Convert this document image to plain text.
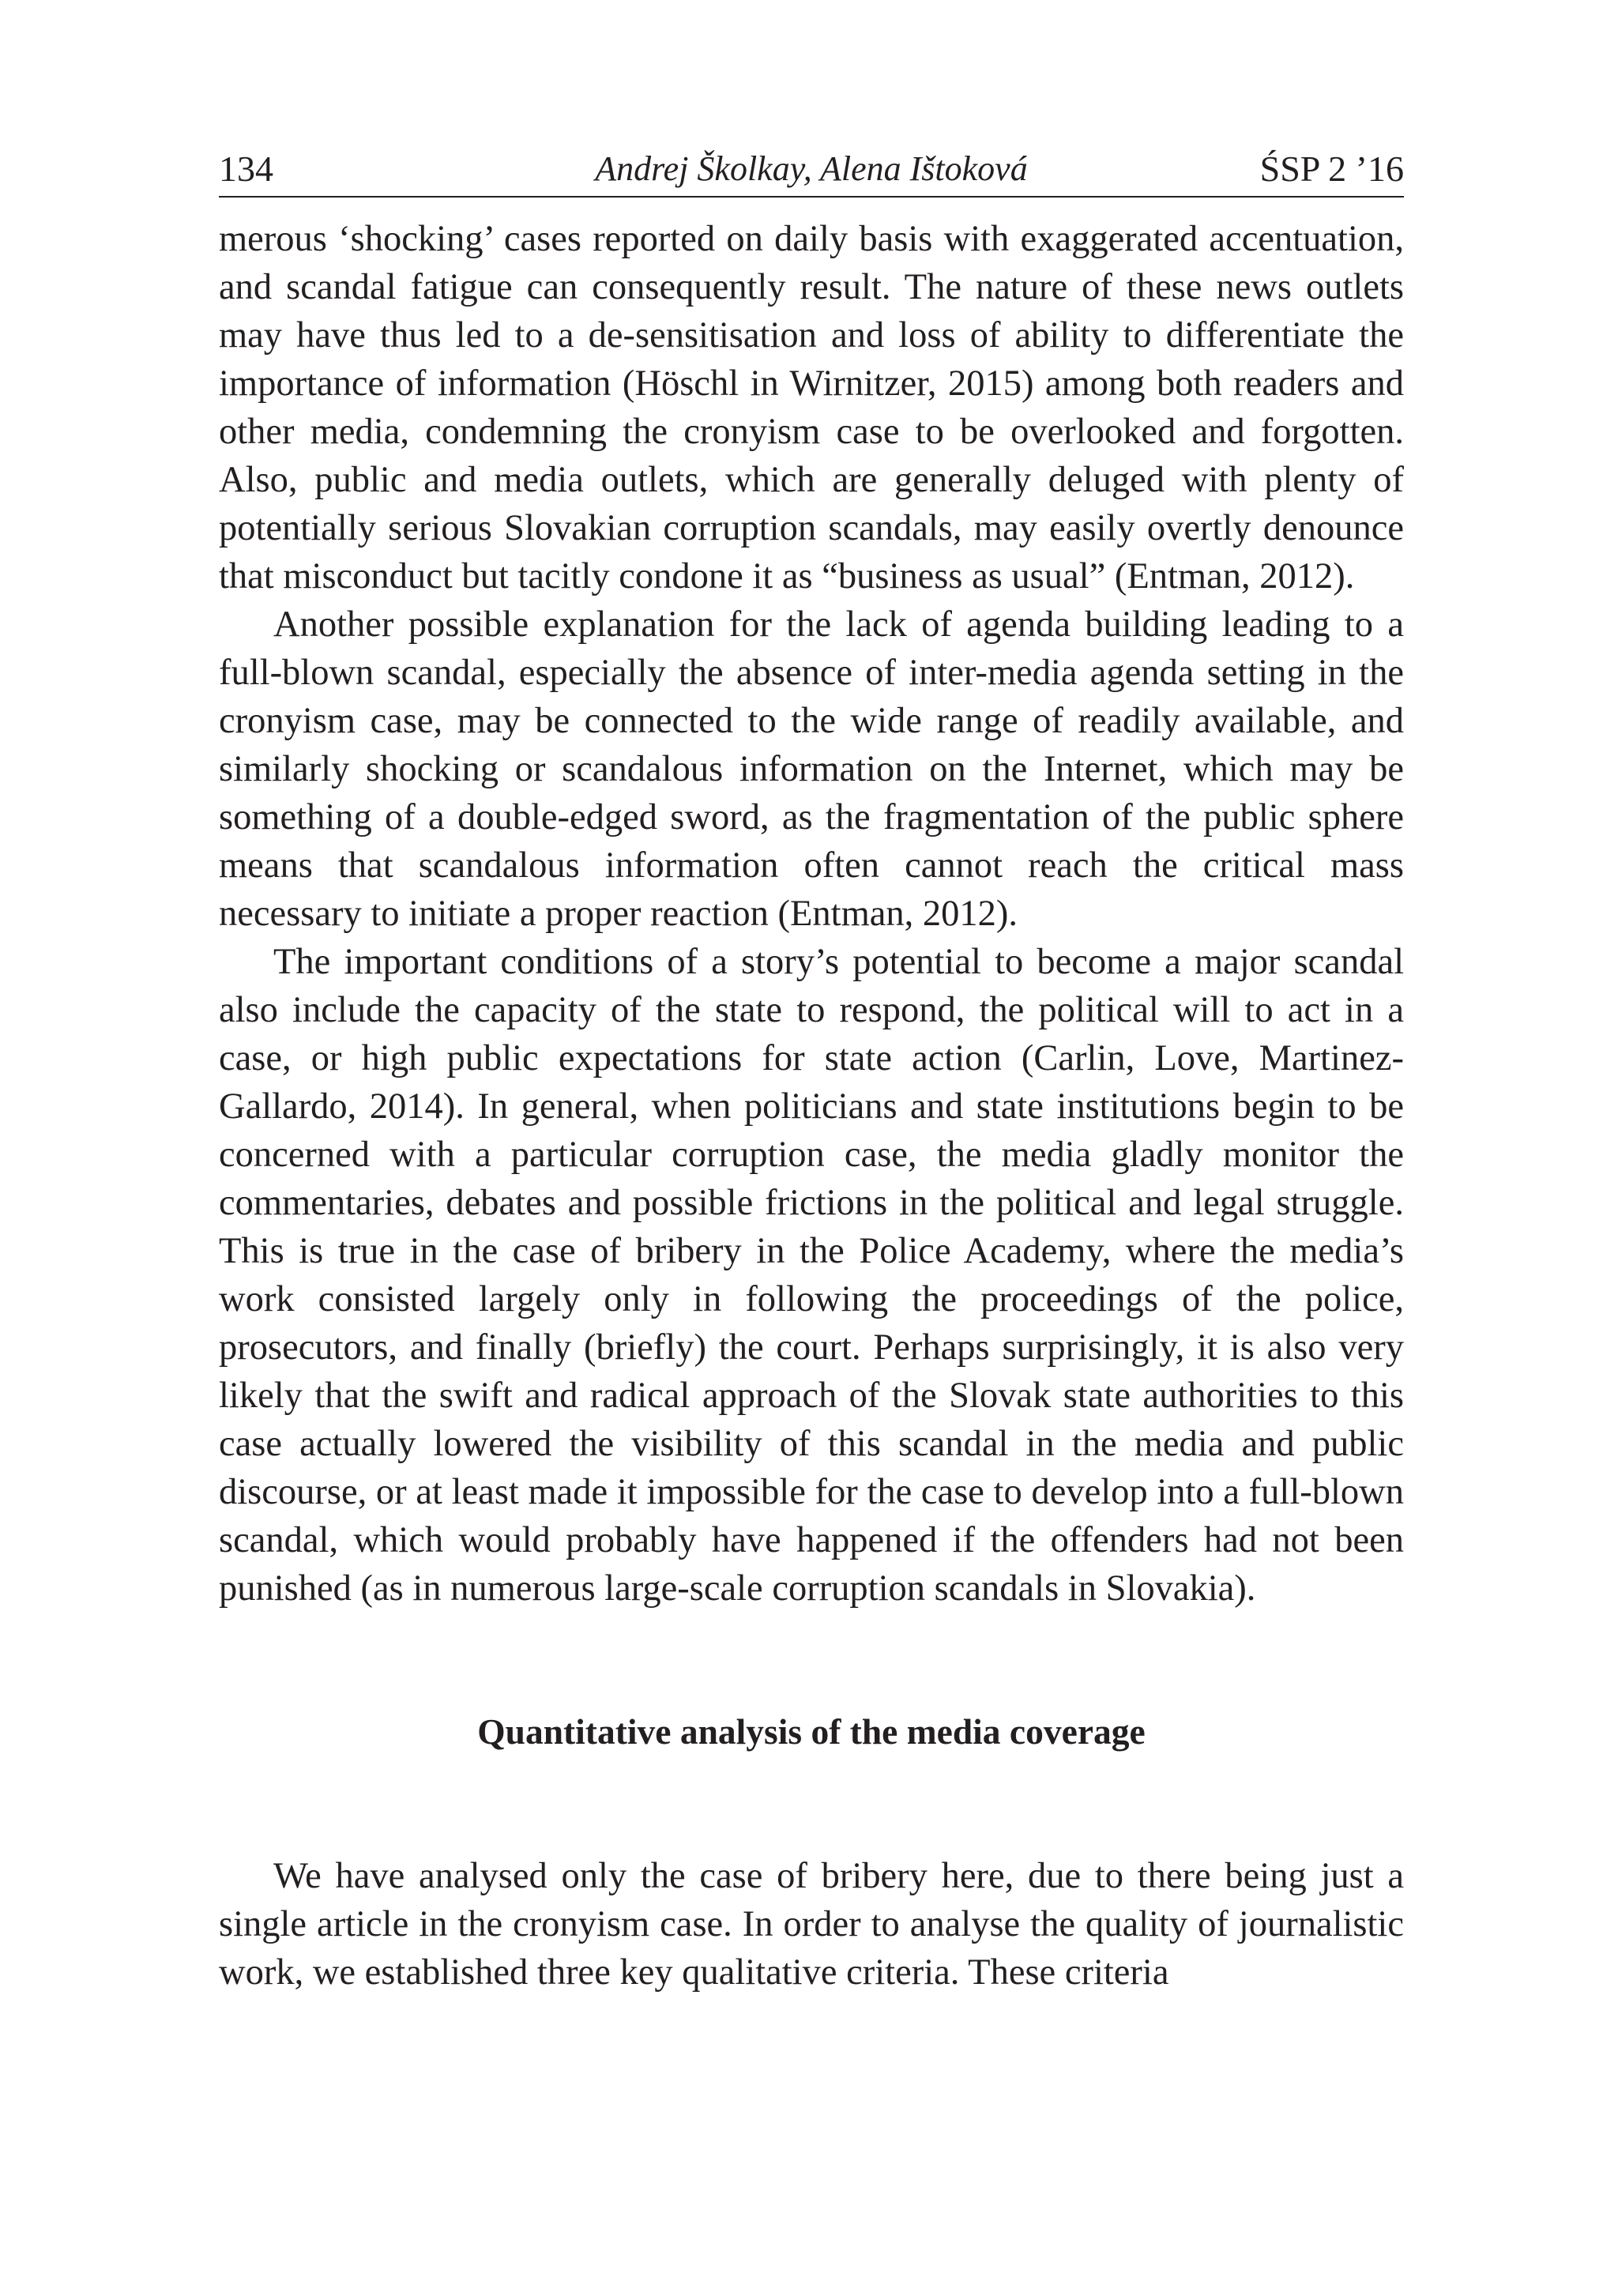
134	Andrej Školkay, Alena Ištoková	ŚSP 2 ’16

merous ‘shocking’ cases reported on daily basis with exaggerated accentuation, and scandal fatigue can consequently result. The nature of these news outlets may have thus led to a de-sensitisation and loss of ability to differentiate the importance of information (Höschl in Wirnitzer, 2015) among both readers and other media, condemning the cronyism case to be overlooked and forgotten. Also, public and media outlets, which are generally deluged with plenty of potentially serious Slovakian corruption scandals, may easily overtly denounce that misconduct but tacitly condone it as “business as usual” (Entman, 2012).

Another possible explanation for the lack of agenda building leading to a full-blown scandal, especially the absence of inter-media agenda setting in the cronyism case, may be connected to the wide range of readily available, and similarly shocking or scandalous information on the Internet, which may be something of a double-edged sword, as the fragmentation of the public sphere means that scandalous information often cannot reach the critical mass necessary to initiate a proper reaction (Entman, 2012).

The important conditions of a story’s potential to become a major scandal also include the capacity of the state to respond, the political will to act in a case, or high public expectations for state action (Carlin, Love, Martinez-Gallardo, 2014). In general, when politicians and state institutions begin to be concerned with a particular corruption case, the media gladly monitor the commentaries, debates and possible frictions in the political and legal struggle. This is true in the case of bribery in the Police Academy, where the media’s work consisted largely only in following the proceedings of the police, prosecutors, and finally (briefly) the court. Perhaps surprisingly, it is also very likely that the swift and radical approach of the Slovak state authorities to this case actually lowered the visibility of this scandal in the media and public discourse, or at least made it impossible for the case to develop into a full-blown scandal, which would probably have happened if the offenders had not been punished (as in numerous large-scale corruption scandals in Slovakia).

Quantitative analysis of the media coverage

We have analysed only the case of bribery here, due to there being just a single article in the cronyism case. In order to analyse the quality of journalistic work, we established three key qualitative criteria. These criteria
